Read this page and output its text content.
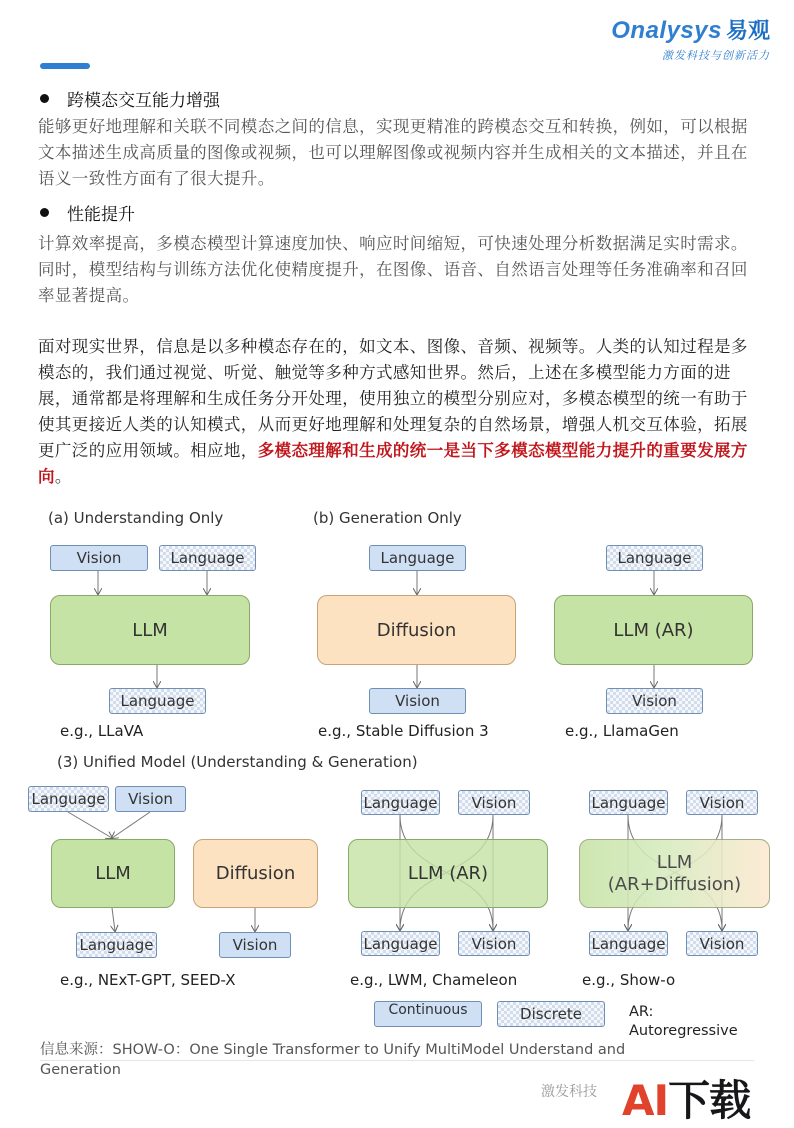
Onalysys 易观
激发科技与创新活力
跨模态交互能力增强
能够更好地理解和关联不同模态之间的信息，实现更精准的跨模态交互和转换，例如，可以根据文本描述生成高质量的图像或视频，也可以理解图像或视频内容并生成相关的文本描述，并且在语义一致性方面有了很大提升。
性能提升
计算效率提高，多模态模型计算速度加快、响应时间缩短，可快速处理分析数据满足实时需求。同时，模型结构与训练方法优化使精度提升，在图像、语音、自然语言处理等任务准确率和召回率显著提高。
面对现实世界，信息是以多种模态存在的，如文本、图像、音频、视频等。人类的认知过程是多模态的，我们通过视觉、听觉、触觉等多种方式感知世界。然后，上述在多模型能力方面的进展，通常都是将理解和生成任务分开处理，使用独立的模型分别应对，多模态模型的统一有助于使其更接近人类的认知模式，从而更好地理解和处理复杂的自然场景，增强人机交互体验，拓展更广泛的应用领域。相应地，多模态理解和生成的统一是当下多模态模型能力提升的重要发展方向。
(a) Understanding Only	(b) Generation Only
(3) Unified Model (Understanding & Generation)
Vision	Language
LLM
Language
e.g., LLaVA
Language
Diffusion
Vision
e.g., Stable Diffusion 3
Language
LLM (AR)
Vision
e.g., LlamaGen
Language	Vision
LLM	Diffusion
Language	Vision
e.g., NExT-GPT, SEED-X
Language	Vision
LLM (AR)
Language	Vision
e.g., LWM, Chameleon
Language	Vision
LLM
(AR+Diffusion)
Language	Vision
e.g., Show-o
Continuous	Discrete	AR:
Autoregressive
信息来源：SHOW-O：One Single Transformer to Unify MultiModel Understand and Generation
激发科技 AI下载
